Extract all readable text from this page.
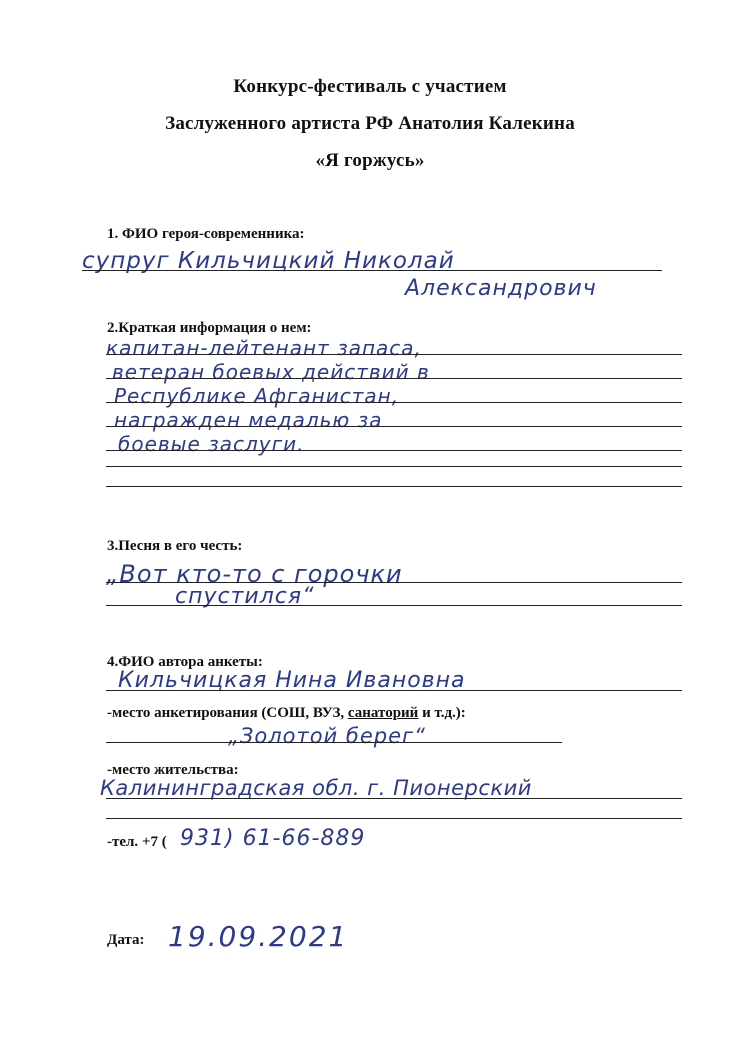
Конкурс-фестиваль с участием
Заслуженного артиста РФ Анатолия Калекина
«Я горжусь»
1. ФИО героя-современника:
супруг Кильчицкий Николай
Александрович
2.Краткая информация о нем:
капитан-лейтенант запаса,
ветеран боевых действий в
Республике Афганистан,
награжден медалью за
боевые заслуги.
3.Песня в его честь:
„Вот кто-то с горочки
спустился“
4.ФИО автора анкеты:
Кильчицкая Нина Ивановна
-место анкетирования (СОШ, ВУЗ, санаторий и т.д.):
„Золотой берег“
-место жительства:
Калининградская обл. г. Пионерский
-тел. +7 ( 931) 61-66-889
Дата: 19.09.2021
